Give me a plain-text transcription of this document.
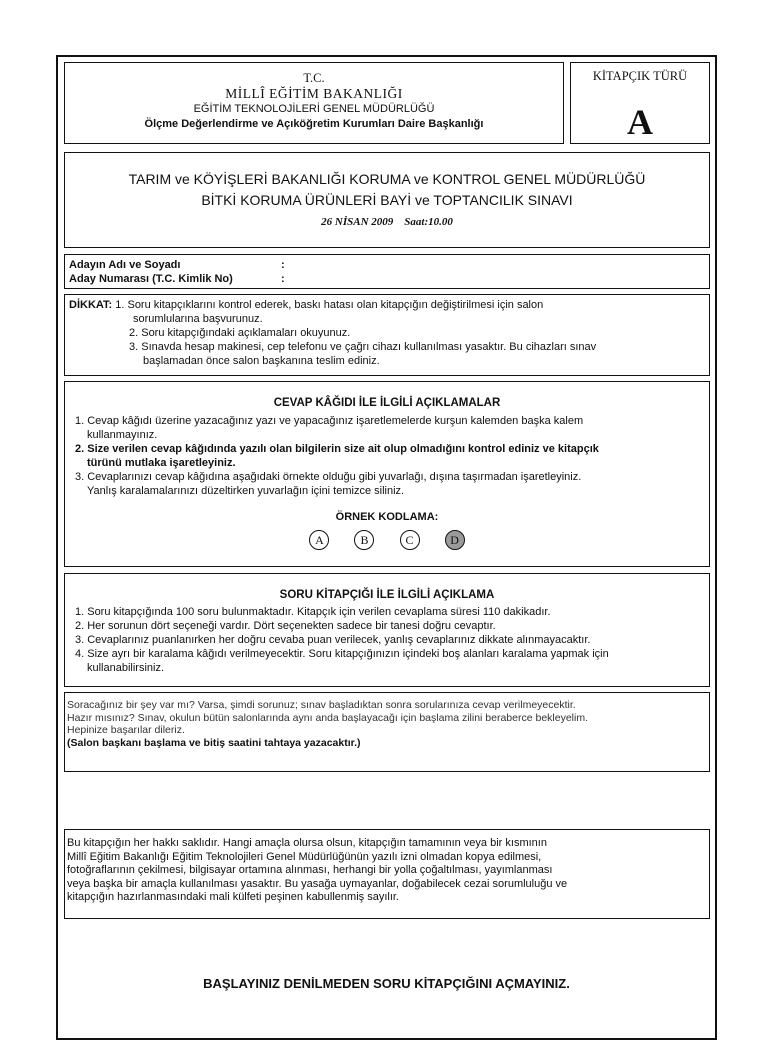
T.C.
MİLLÎ EĞİTİM BAKANLIĞI
EĞİTİM TEKNOLOJİLERİ GENEL MÜDÜRLÜĞÜ
Ölçme Değerlendirme ve Açıköğretim Kurumları Daire Başkanlığı
KİTAPÇIK TÜRÜ
A
TARIM ve KÖYİŞLERİ BAKANLIĞI KORUMA ve KONTROL GENEL MÜDÜRLÜĞÜ
BİTKİ KORUMA ÜRÜNLERİ BAYİ ve TOPTANCILIK SINAVI
26 NİSAN 2009 Saat:10.00
Adayın Adı ve Soyadı	:
Aday Numarası (T.C. Kimlik No)	:
DİKKAT: 1. Soru kitapçıklarını kontrol ederek, baskı hatası olan kitapçığın değiştirilmesi için salon
sorumlularına başvurunuz.
2. Soru kitapçığındaki açıklamaları okuyunuz.
3. Sınavda hesap makinesi, cep telefonu ve çağrı cihazı kullanılması yasaktır. Bu cihazları sınav
başlamadan önce salon başkanına teslim ediniz.
CEVAP KÂĞIDI İLE İLGİLİ AÇIKLAMALAR
1. Cevap kâğıdı üzerine yazacağınız yazı ve yapacağınız işaretlemelerde kurşun kalemden başka kalem
kullanmayınız.
2. Size verilen cevap kâğıdında yazılı olan bilgilerin size ait olup olmadığını kontrol ediniz ve kitapçık
türünü mutlaka işaretleyiniz.
3. Cevaplarınızı cevap kâğıdına aşağıdaki örnekte olduğu gibi yuvarlağı, dışına taşırmadan işaretleyiniz.
Yanlış karalamalarınızı düzeltirken yuvarlağın içini temizce siliniz.
ÖRNEK KODLAMA:
A	B	C	D
SORU KİTAPÇIĞI İLE İLGİLİ AÇIKLAMA
1. Soru kitapçığında 100 soru bulunmaktadır. Kitapçık için verilen cevaplama süresi 110 dakikadır.
2. Her sorunun dört seçeneği vardır. Dört seçenekten sadece bir tanesi doğru cevaptır.
3. Cevaplarınız puanlanırken her doğru cevaba puan verilecek, yanlış cevaplarınız dikkate alınmayacaktır.
4. Size ayrı bir karalama kâğıdı verilmeyecektir. Soru kitapçığınızın içindeki boş alanları karalama yapmak için
kullanabilirsiniz.
Soracağınız bir şey var mı? Varsa, şimdi sorunuz; sınav başladıktan sonra sorularınıza cevap verilmeyecektir.
Hazır mısınız? Sınav, okulun bütün salonlarında aynı anda başlayacağı için başlama zilini beraberce bekleyelim.
Hepinize başarılar dileriz.
(Salon başkanı başlama ve bitiş saatini tahtaya yazacaktır.)
Bu kitapçığın her hakkı saklıdır. Hangi amaçla olursa olsun, kitapçığın tamamının veya bir kısmının
Millî Eğitim Bakanlığı Eğitim Teknolojileri Genel Müdürlüğünün yazılı izni olmadan kopya edilmesi,
fotoğraflarının çekilmesi, bilgisayar ortamına alınması, herhangi bir yolla çoğaltılması, yayımlanması
veya başka bir amaçla kullanılması yasaktır. Bu yasağa uymayanlar, doğabilecek cezai sorumluluğu ve
kitapçığın hazırlanmasındaki mali külfeti peşinen kabullenmiş sayılır.
BAŞLAYINIZ DENİLMEDEN SORU KİTAPÇIĞINI AÇMAYINIZ.
